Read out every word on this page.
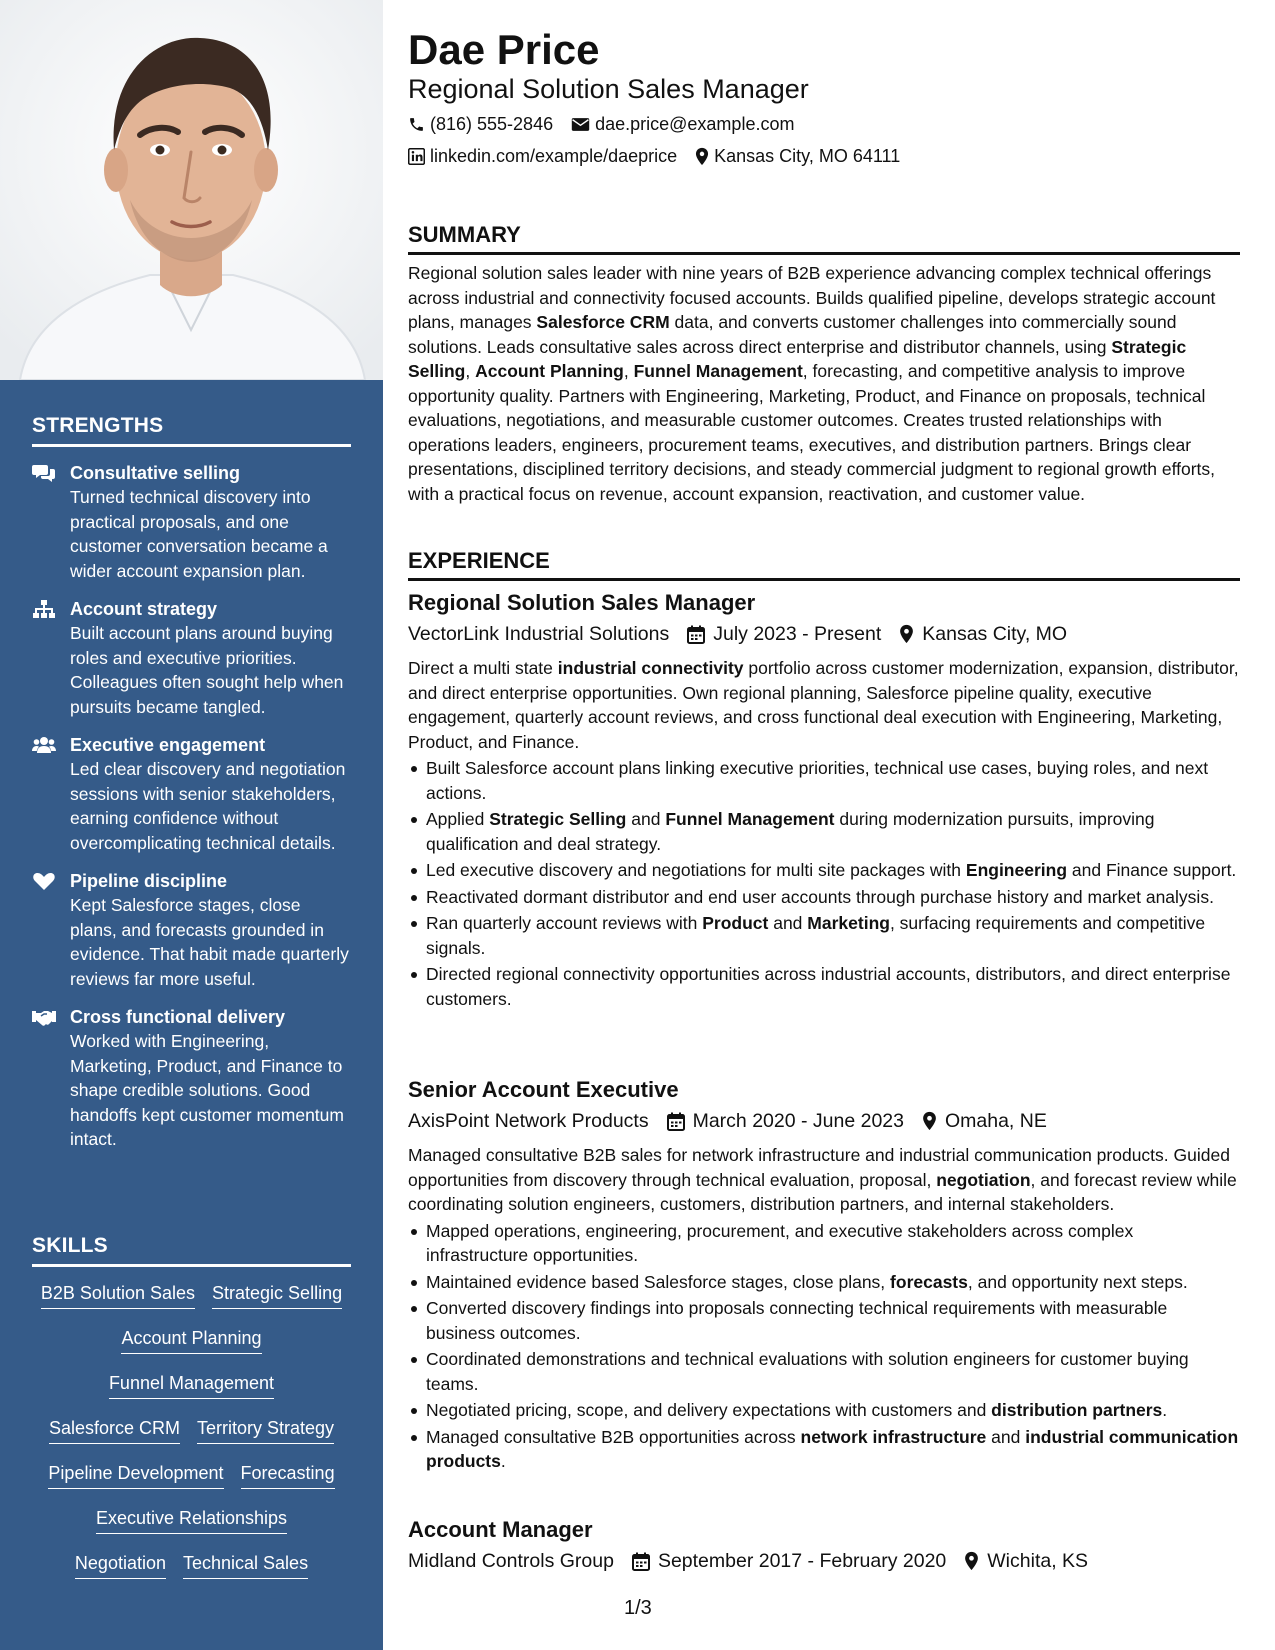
STRENGTHS
Consultative selling
Turned technical discovery into practical proposals, and one customer conversation became a wider account expansion plan.
Account strategy
Built account plans around buying roles and executive priorities. Colleagues often sought help when pursuits became tangled.
Executive engagement
Led clear discovery and negotiation sessions with senior stakeholders, earning confidence without overcomplicating technical details.
Pipeline discipline
Kept Salesforce stages, close plans, and forecasts grounded in evidence. That habit made quarterly reviews far more useful.
Cross functional delivery
Worked with Engineering, Marketing, Product, and Finance to shape credible solutions. Good handoffs kept customer momentum intact.
SKILLS
B2B Solution Sales Strategic Selling
Account Planning
Funnel Management
Salesforce CRM Territory Strategy
Pipeline Development Forecasting
Executive Relationships
Negotiation Technical Sales
Dae Price
Regional Solution Sales Manager
(816) 555-2846 dae.price@example.com
linkedin.com/example/daeprice Kansas City, MO 64111
SUMMARY
Regional solution sales leader with nine years of B2B experience advancing complex technical offerings across industrial and connectivity focused accounts. Builds qualified pipeline, develops strategic account plans, manages Salesforce CRM data, and converts customer challenges into commercially sound solutions. Leads consultative sales across direct enterprise and distributor channels, using Strategic Selling, Account Planning, Funnel Management, forecasting, and competitive analysis to improve opportunity quality. Partners with Engineering, Marketing, Product, and Finance on proposals, technical evaluations, negotiations, and measurable customer outcomes. Creates trusted relationships with operations leaders, engineers, procurement teams, executives, and distribution partners. Brings clear presentations, disciplined territory decisions, and steady commercial judgment to regional growth efforts, with a practical focus on revenue, account expansion, reactivation, and customer value.
EXPERIENCE
Regional Solution Sales Manager
VectorLink Industrial Solutions July 2023 - Present Kansas City, MO
Direct a multi state industrial connectivity portfolio across customer modernization, expansion, distributor, and direct enterprise opportunities. Own regional planning, Salesforce pipeline quality, executive engagement, quarterly account reviews, and cross functional deal execution with Engineering, Marketing, Product, and Finance.
Built Salesforce account plans linking executive priorities, technical use cases, buying roles, and next actions.
Applied Strategic Selling and Funnel Management during modernization pursuits, improving qualification and deal strategy.
Led executive discovery and negotiations for multi site packages with Engineering and Finance support.
Reactivated dormant distributor and end user accounts through purchase history and market analysis.
Ran quarterly account reviews with Product and Marketing, surfacing requirements and competitive signals.
Directed regional connectivity opportunities across industrial accounts, distributors, and direct enterprise customers.
Senior Account Executive
AxisPoint Network Products March 2020 - June 2023 Omaha, NE
Managed consultative B2B sales for network infrastructure and industrial communication products. Guided opportunities from discovery through technical evaluation, proposal, negotiation, and forecast review while coordinating solution engineers, customers, distribution partners, and internal stakeholders.
Mapped operations, engineering, procurement, and executive stakeholders across complex infrastructure opportunities.
Maintained evidence based Salesforce stages, close plans, forecasts, and opportunity next steps.
Converted discovery findings into proposals connecting technical requirements with measurable business outcomes.
Coordinated demonstrations and technical evaluations with solution engineers for customer buying teams.
Negotiated pricing, scope, and delivery expectations with customers and distribution partners.
Managed consultative B2B opportunities across network infrastructure and industrial communication products.
Account Manager
Midland Controls Group September 2017 - February 2020 Wichita, KS
1/3
